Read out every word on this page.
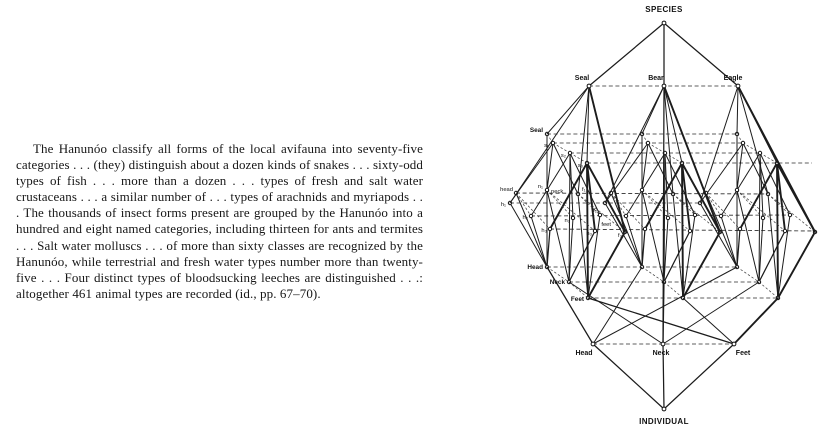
The Hanunóo classify all forms of the local avifauna into seventy-five categories . . . (they) distinguish about a dozen kinds of snakes . . . sixty-odd types of fish . . . more than a dozen . . . types of fresh and salt water crustaceans . . . a similar number of . . . types of arachnids and myriapods . . . The thousands of insect forms present are grouped by the Hanunóo into a hundred and eight named categories, including thirteen for ants and termites . . . Salt water molluscs . . . of more than sixty classes are recognized by the Hanunóo, while terrestrial and fresh water types number more than twenty-five . . . Four distinct types of bloodsucking leeches are distinguished . . .: altogether 461 animal types are recorded (id., pp. 67–70).

SPECIES
Seal	Bear	Eagle
Seal
s₁
s₂
s₃
head	n₁
neck	f₁
h₁
h₂
h₃
n₂
n₃
f₂
feet
f₃
Head
Neck
Feet
Head	Neck	Feet
INDIVIDUAL
